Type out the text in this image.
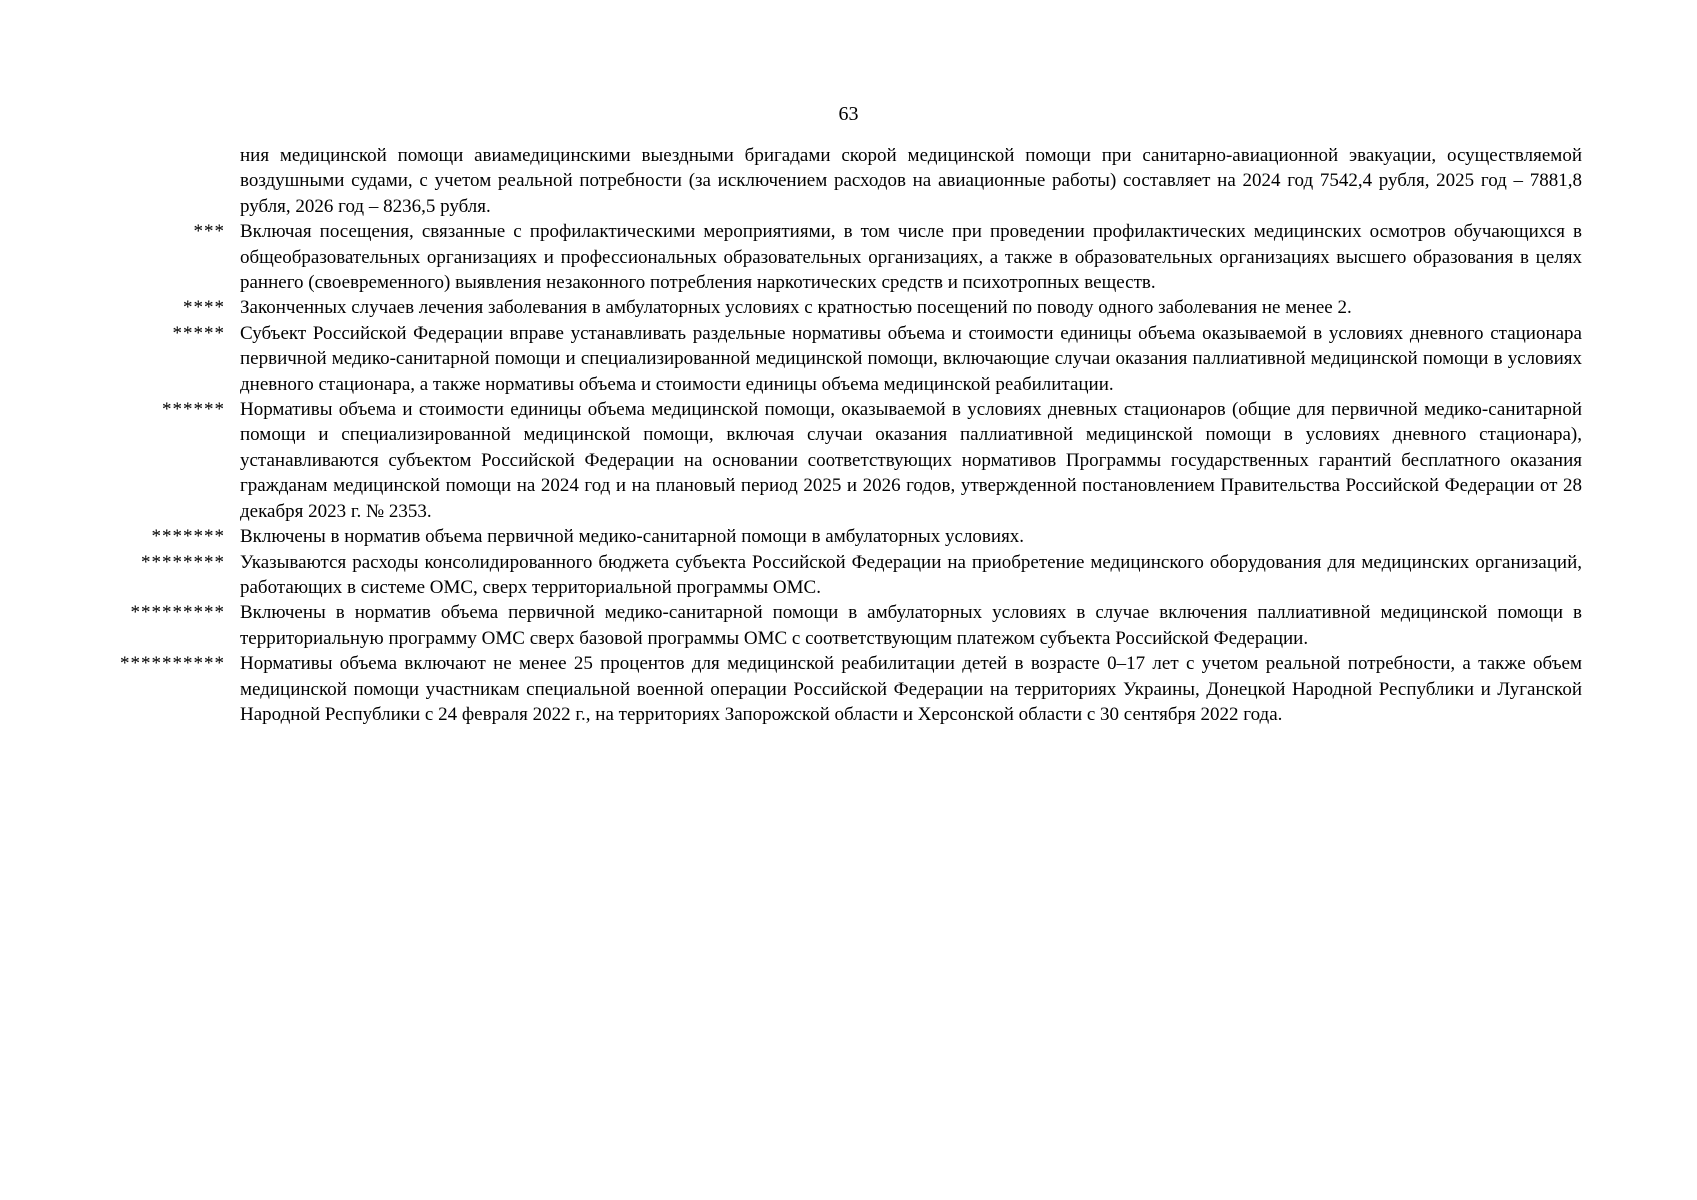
63
ния медицинской помощи авиамедицинскими выездными бригадами скорой медицинской помощи при санитарно-авиационной эвакуации, осуществляемой воздушными судами, с учетом реальной потребности (за исключением расходов на авиационные работы) составляет на 2024 год 7542,4 рубля, 2025 год – 7881,8 рубля, 2026 год – 8236,5 рубля.
*** Включая посещения, связанные с профилактическими мероприятиями, в том числе при проведении профилактических медицинских осмотров обучающихся в общеобразовательных организациях и профессиональных образовательных организациях, а также в образовательных организациях высшего образования в целях раннего (своевременного) выявления незаконного потребления наркотических средств и психотропных веществ.
**** Законченных случаев лечения заболевания в амбулаторных условиях с кратностью посещений по поводу одного заболевания не менее 2.
***** Субъект Российской Федерации вправе устанавливать раздельные нормативы объема и стоимости единицы объема оказываемой в условиях дневного стационара первичной медико-санитарной помощи и специализированной медицинской помощи, включающие случаи оказания паллиативной медицинской помощи в условиях дневного стационара, а также нормативы объема и стоимости единицы объема медицинской реабилитации.
****** Нормативы объема и стоимости единицы объема медицинской помощи, оказываемой в условиях дневных стационаров (общие для первичной медико-санитарной помощи и специализированной медицинской помощи, включая случаи оказания паллиативной медицинской помощи в условиях дневного стационара), устанавливаются субъектом Российской Федерации на основании соответствующих нормативов Программы государственных гарантий бесплатного оказания гражданам медицинской помощи на 2024 год и на плановый период 2025 и 2026 годов, утвержденной постановлением Правительства Российской Федерации от 28 декабря 2023 г. № 2353.
******* Включены в норматив объема первичной медико-санитарной помощи в амбулаторных условиях.
******** Указываются расходы консолидированного бюджета субъекта Российской Федерации на приобретение медицинского оборудования для медицинских организаций, работающих в системе ОМС, сверх территориальной программы ОМС.
********* Включены в норматив объема первичной медико-санитарной помощи в амбулаторных условиях в случае включения паллиативной медицинской помощи в территориальную программу ОМС сверх базовой программы ОМС с соответствующим платежом субъекта Российской Федерации.
********** Нормативы объема включают не менее 25 процентов для медицинской реабилитации детей в возрасте 0–17 лет с учетом реальной потребности, а также объем медицинской помощи участникам специальной военной операции Российской Федерации на территориях Украины, Донецкой Народной Республики и Луганской Народной Республики с 24 февраля 2022 г., на территориях Запорожской области и Херсонской области с 30 сентября 2022 года.
